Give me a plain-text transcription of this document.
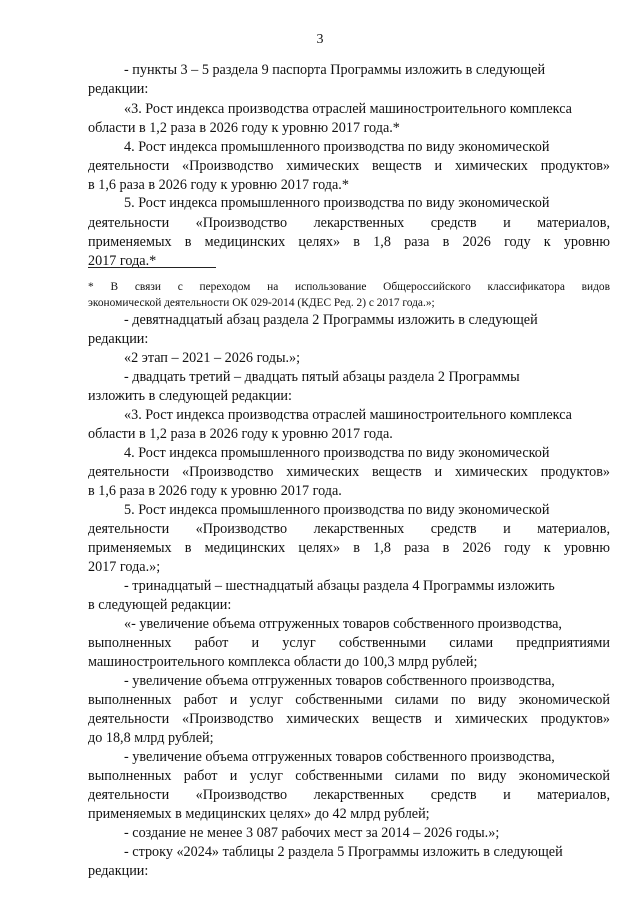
3
- пункты 3 – 5 раздела 9 паспорта Программы изложить в следующей
редакции:
«3. Рост индекса производства отраслей машиностроительного комплекса
области в 1,2 раза в 2026 году к уровню 2017 года.*
4. Рост индекса промышленного производства по виду экономической
деятельности «Производство химических веществ и химических продуктов»
в 1,6 раза в 2026 году к уровню 2017 года.*
5. Рост индекса промышленного производства по виду экономической
деятельности «Производство лекарственных средств и материалов,
применяемых в медицинских целях» в 1,8 раза в 2026 году к уровню
2017 года.*
* В связи с переходом на использование Общероссийского классификатора видов
экономической деятельности ОК 029-2014 (КДЕС Ред. 2) с 2017 года.»;
- девятнадцатый абзац раздела 2 Программы изложить в следующей
редакции:
«2 этап – 2021 – 2026 годы.»;
- двадцать третий – двадцать пятый абзацы раздела 2 Программы
изложить в следующей редакции:
«3. Рост индекса производства отраслей машиностроительного комплекса
области в 1,2 раза в 2026 году к уровню 2017 года.
4. Рост индекса промышленного производства по виду экономической
деятельности «Производство химических веществ и химических продуктов»
в 1,6 раза в 2026 году к уровню 2017 года.
5. Рост индекса промышленного производства по виду экономической
деятельности «Производство лекарственных средств и материалов,
применяемых в медицинских целях» в 1,8 раза в 2026 году к уровню
2017 года.»;
- тринадцатый – шестнадцатый абзацы раздела 4 Программы изложить
в следующей редакции:
«- увеличение объема отгруженных товаров собственного производства,
выполненных работ и услуг собственными силами предприятиями
машиностроительного комплекса области до 100,3 млрд рублей;
- увеличение объема отгруженных товаров собственного производства,
выполненных работ и услуг собственными силами по виду экономической
деятельности «Производство химических веществ и химических продуктов»
до 18,8 млрд рублей;
- увеличение объема отгруженных товаров собственного производства,
выполненных работ и услуг собственными силами по виду экономической
деятельности «Производство лекарственных средств и материалов,
применяемых в медицинских целях» до 42 млрд рублей;
- создание не менее 3 087 рабочих мест за 2014 – 2026 годы.»;
- строку «2024» таблицы 2 раздела 5 Программы изложить в следующей
редакции:
